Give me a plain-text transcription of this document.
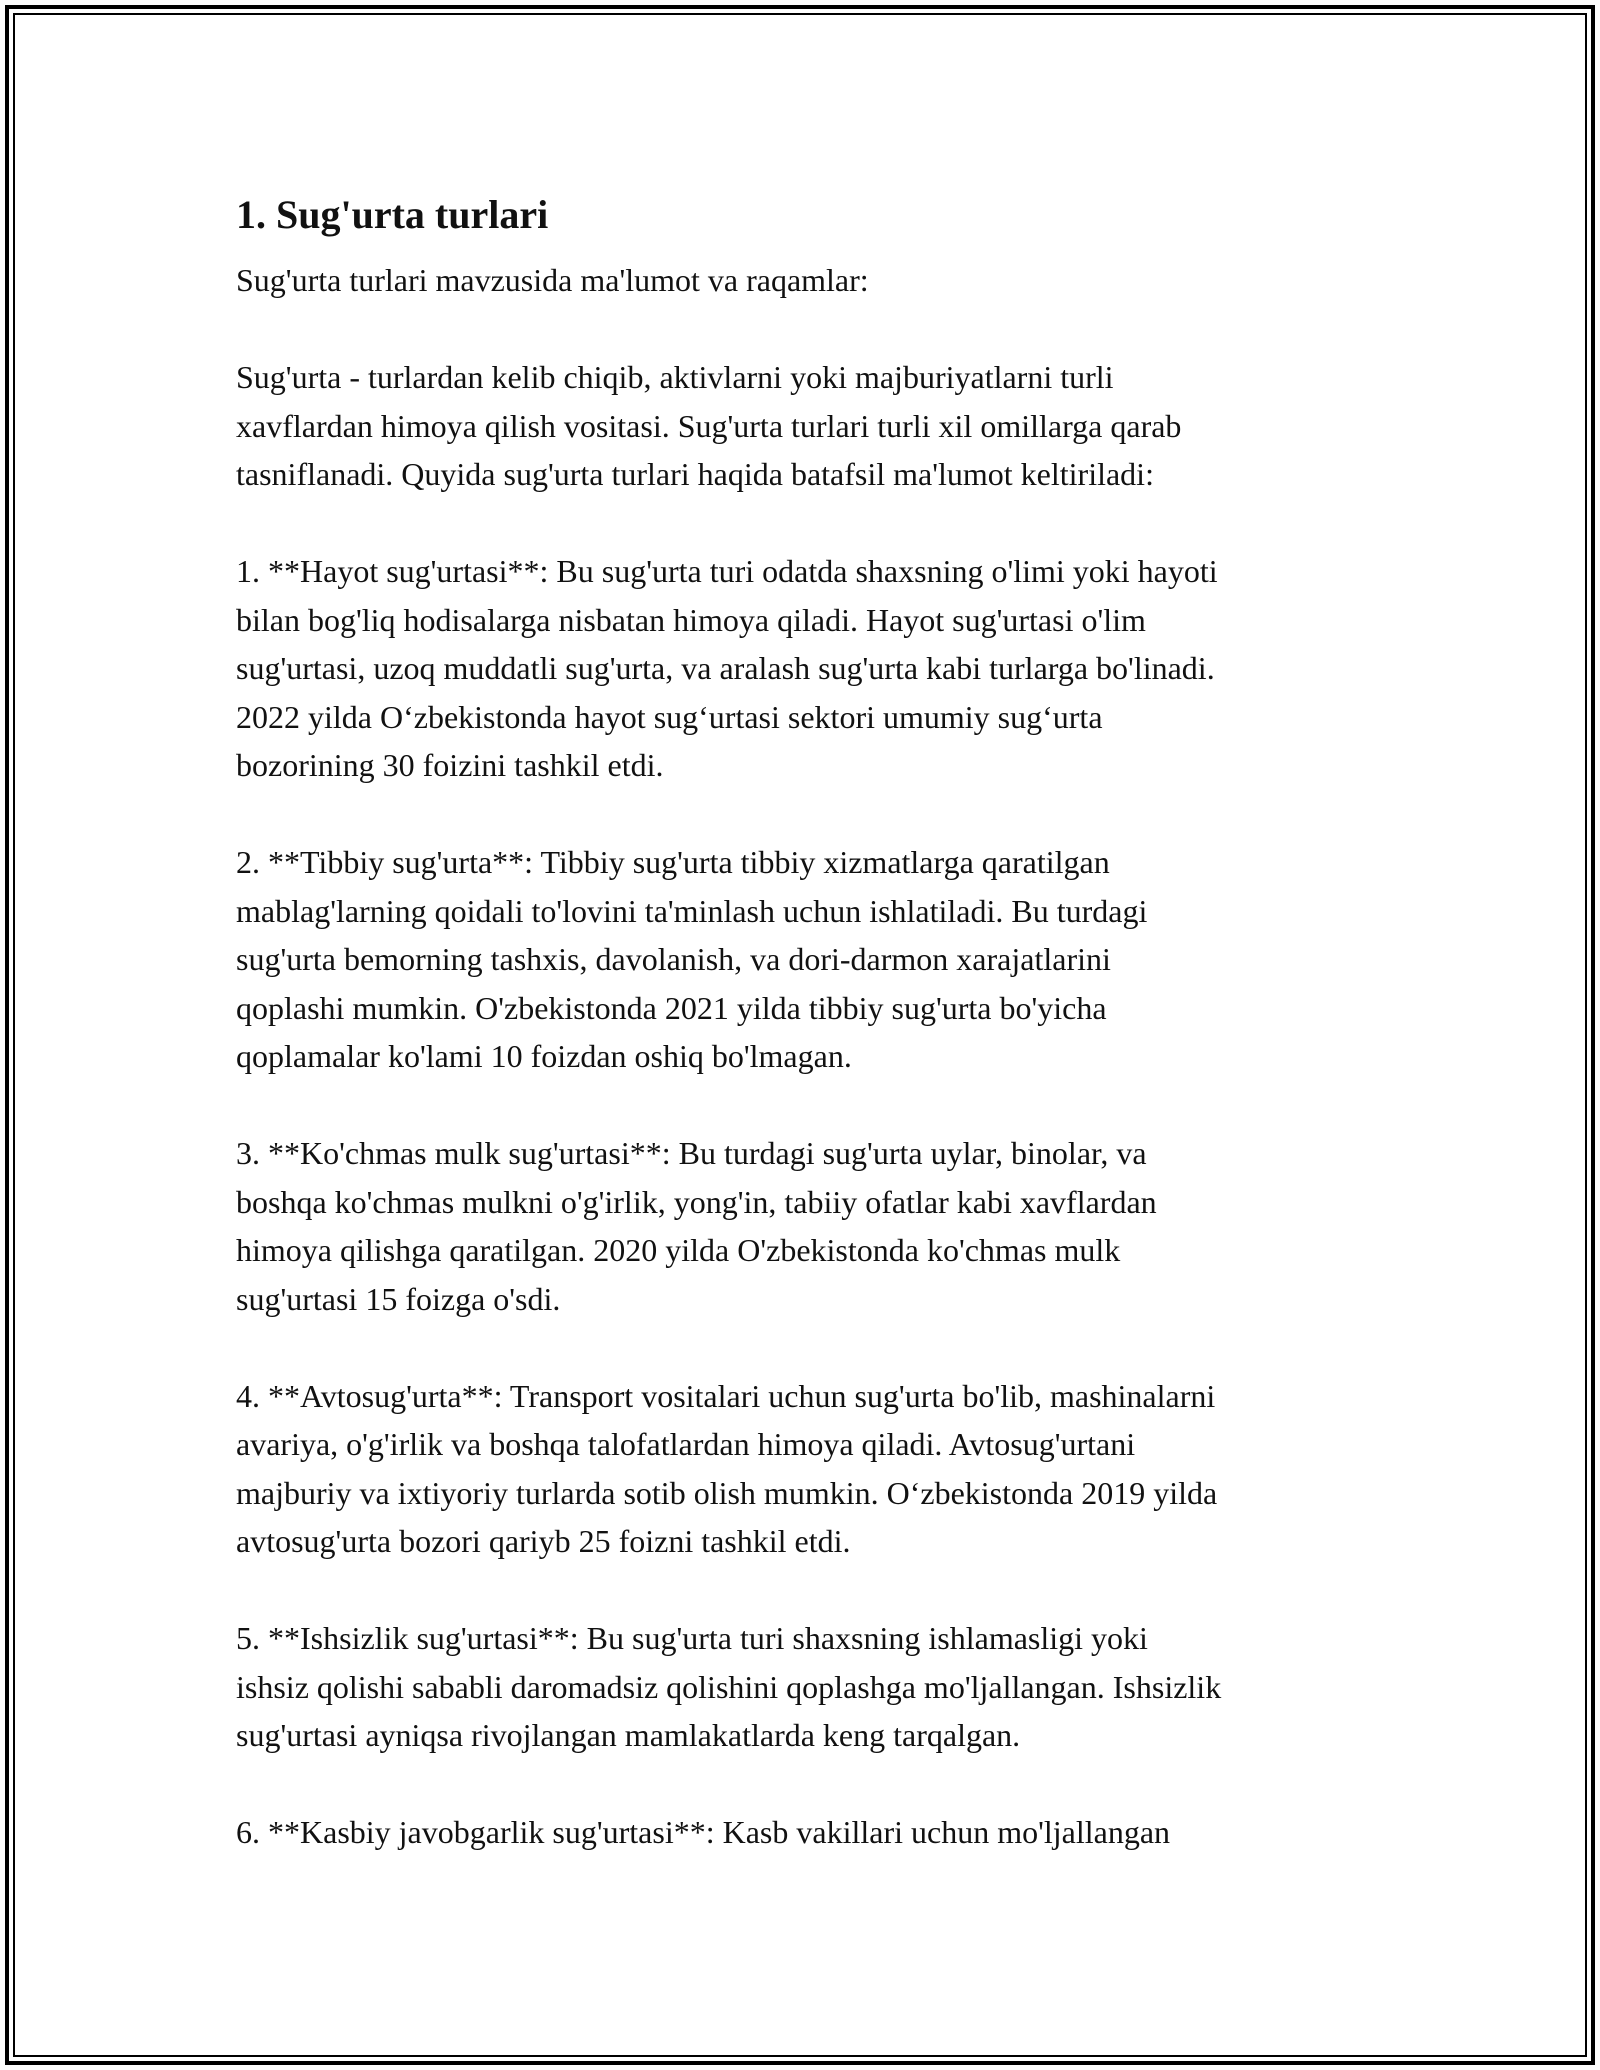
1. Sug'urta turlari

Sug'urta turlari mavzusida ma'lumot va raqamlar:

Sug'urta - turlardan kelib chiqib, aktivlarni yoki majburiyatlarni turli
xavflardan himoya qilish vositasi. Sug'urta turlari turli xil omillarga qarab
tasniflanadi. Quyida sug'urta turlari haqida batafsil ma'lumot keltiriladi:

1. **Hayot sug'urtasi**: Bu sug'urta turi odatda shaxsning o'limi yoki hayoti
bilan bog'liq hodisalarga nisbatan himoya qiladi. Hayot sug'urtasi o'lim
sug'urtasi, uzoq muddatli sug'urta, va aralash sug'urta kabi turlarga bo'linadi.
2022 yilda O‘zbekistonda hayot sug‘urtasi sektori umumiy sug‘urta
bozorining 30 foizini tashkil etdi.

2. **Tibbiy sug'urta**: Tibbiy sug'urta tibbiy xizmatlarga qaratilgan
mablag'larning qoidali to'lovini ta'minlash uchun ishlatiladi. Bu turdagi
sug'urta bemorning tashxis, davolanish, va dori-darmon xarajatlarini
qoplashi mumkin. O'zbekistonda 2021 yilda tibbiy sug'urta bo'yicha
qoplamalar ko'lami 10 foizdan oshiq bo'lmagan.

3. **Ko'chmas mulk sug'urtasi**: Bu turdagi sug'urta uylar, binolar, va
boshqa ko'chmas mulkni o'g'irlik, yong'in, tabiiy ofatlar kabi xavflardan
himoya qilishga qaratilgan. 2020 yilda O'zbekistonda ko'chmas mulk
sug'urtasi 15 foizga o'sdi.

4. **Avtosug'urta**: Transport vositalari uchun sug'urta bo'lib, mashinalarni
avariya, o'g'irlik va boshqa talofatlardan himoya qiladi. Avtosug'urtani
majburiy va ixtiyoriy turlarda sotib olish mumkin. O‘zbekistonda 2019 yilda
avtosug'urta bozori qariyb 25 foizni tashkil etdi.

5. **Ishsizlik sug'urtasi**: Bu sug'urta turi shaxsning ishlamasligi yoki
ishsiz qolishi sababli daromadsiz qolishini qoplashga mo'ljallangan. Ishsizlik
sug'urtasi ayniqsa rivojlangan mamlakatlarda keng tarqalgan.

6. **Kasbiy javobgarlik sug'urtasi**: Kasb vakillari uchun mo'ljallangan
